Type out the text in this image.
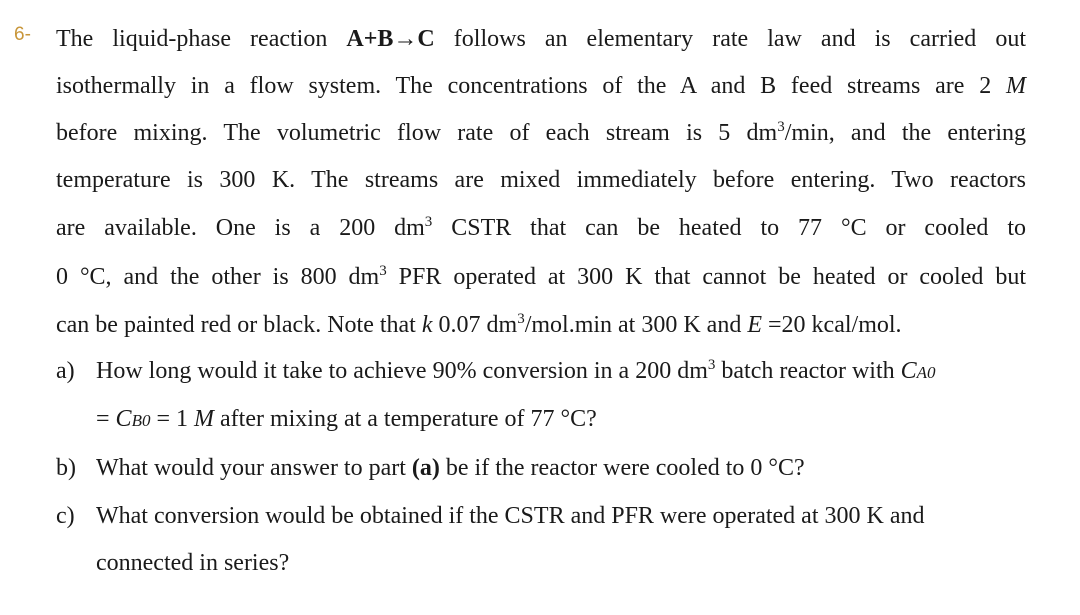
6- The liquid-phase reaction A+B→C follows an elementary rate law and is carried out
isothermally in a flow system. The concentrations of the A and B feed streams are 2 M
before mixing. The volumetric flow rate of each stream is 5 $dm^3/\min$, and the entering
temperature is 300 K. The streams are mixed immediately before entering. Two reactors
are available. One is a 200 $dm^3$ CSTR that can be heated to 77 °C or cooled to
0 °C, and the other is 800 $dm^3$ PFR operated at 300 K that cannot be heated or cooled but
can be painted red or black. Note that k 0.07 $dm^3/mol.\min$ at 300 K and E =20 kcal/mol.
a) How long would it take to achieve 90% conversion in a 200 $dm^3$ batch reactor with CA0
= CB0 = 1 M after mixing at a temperature of 77 °C?
b) What would your answer to part (a) be if the reactor were cooled to 0 °C?
c) What conversion would be obtained if the CSTR and PFR were operated at 300 K and
connected in series?
